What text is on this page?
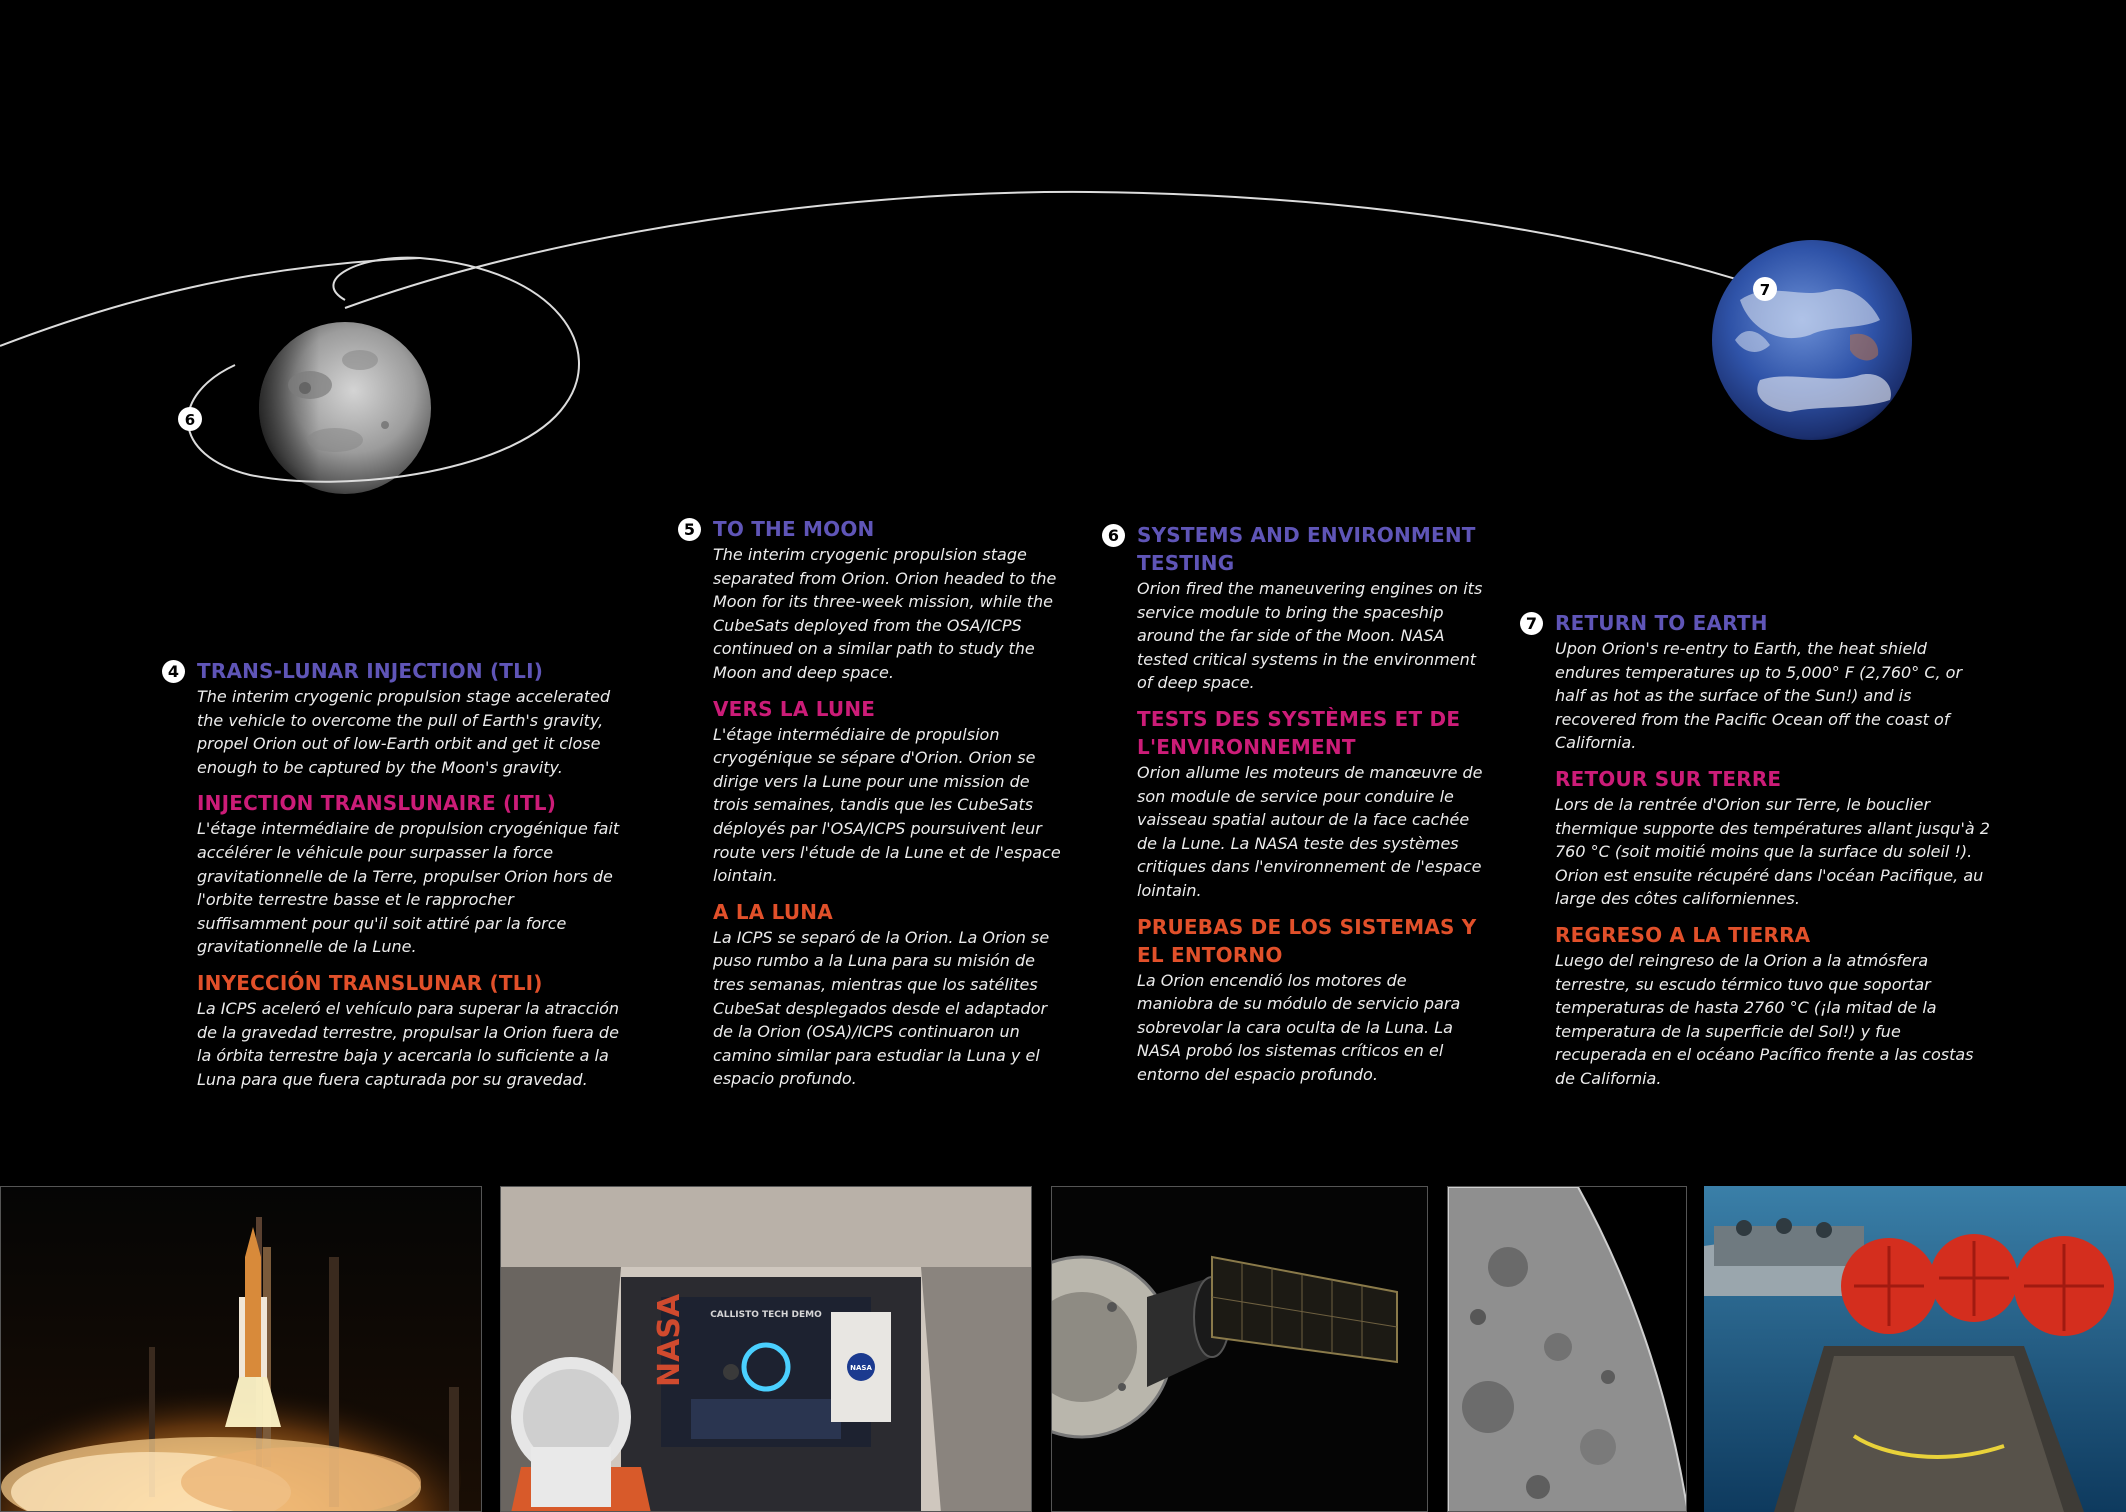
6
7
4 TRANS-LUNAR INJECTION (TLI)

The interim cryogenic propulsion stage accelerated the vehicle to overcome the pull of Earth's gravity, propel Orion out of low-Earth orbit and get it close enough to be captured by the Moon's gravity.

INJECTION TRANSLUNAIRE (ITL)

L'étage intermédiaire de propulsion cryogénique fait accélérer le véhicule pour surpasser la force gravitationnelle de la Terre, propulser Orion hors de l'orbite terrestre basse et le rapprocher suffisamment pour qu'il soit attiré par la force gravitationnelle de la Lune.

INYECCIÓN TRANSLUNAR (TLI)

La ICPS aceleró el vehículo para superar la atracción de la gravedad terrestre, propulsar la Orion fuera de la órbita terrestre baja y acercarla lo suficiente a la Luna para que fuera capturada por su gravedad.

5 TO THE MOON

The interim cryogenic propulsion stage separated from Orion. Orion headed to the Moon for its three-week mission, while the CubeSats deployed from the OSA/ICPS continued on a similar path to study the Moon and deep space.

VERS LA LUNE

L'étage intermédiaire de propulsion cryogénique se sépare d'Orion. Orion se dirige vers la Lune pour une mission de trois semaines, tandis que les CubeSats déployés par l'OSA/ICPS poursuivent leur route vers l'étude de la Lune et de l'espace lointain.

A LA LUNA

La ICPS se separó de la Orion. La Orion se puso rumbo a la Luna para su misión de tres semanas, mientras que los satélites CubeSat desplegados desde el adaptador de la Orion (OSA)/ICPS continuaron un camino similar para estudiar la Luna y el espacio profundo.

6 SYSTEMS AND ENVIRONMENT TESTING

Orion fired the maneuvering engines on its service module to bring the spaceship around the far side of the Moon. NASA tested critical systems in the environment of deep space.

TESTS DES SYSTÈMES ET DE L'ENVIRONNEMENT

Orion allume les moteurs de manœuvre de son module de service pour conduire le vaisseau spatial autour de la face cachée de la Lune. La NASA teste des systèmes critiques dans l'environnement de l'espace lointain.

PRUEBAS DE LOS SISTEMAS Y EL ENTORNO

La Orion encendió los motores de maniobra de su módulo de servicio para sobrevolar la cara oculta de la Luna. La NASA probó los sistemas críticos en el entorno del espacio profundo.

7 RETURN TO EARTH

Upon Orion's re-entry to Earth, the heat shield endures temperatures up to 5,000° F (2,760° C, or half as hot as the surface of the Sun!) and is recovered from the Pacific Ocean off the coast of California.

RETOUR SUR TERRE

Lors de la rentrée d'Orion sur Terre, le bouclier thermique supporte des températures allant jusqu'à 2 760 °C (soit moitié moins que la surface du soleil !). Orion est ensuite récupéré dans l'océan Pacifique, au large des côtes californiennes.

REGRESO A LA TIERRA

Luego del reingreso de la Orion a la atmósfera terrestre, su escudo térmico tuvo que soportar temperaturas de hasta 2760 °C (¡la mitad de la temperatura de la superficie del Sol!) y fue recuperada en el océano Pacífico frente a las costas de California.

CALLISTO TECH DEMO
NASA	NASA
